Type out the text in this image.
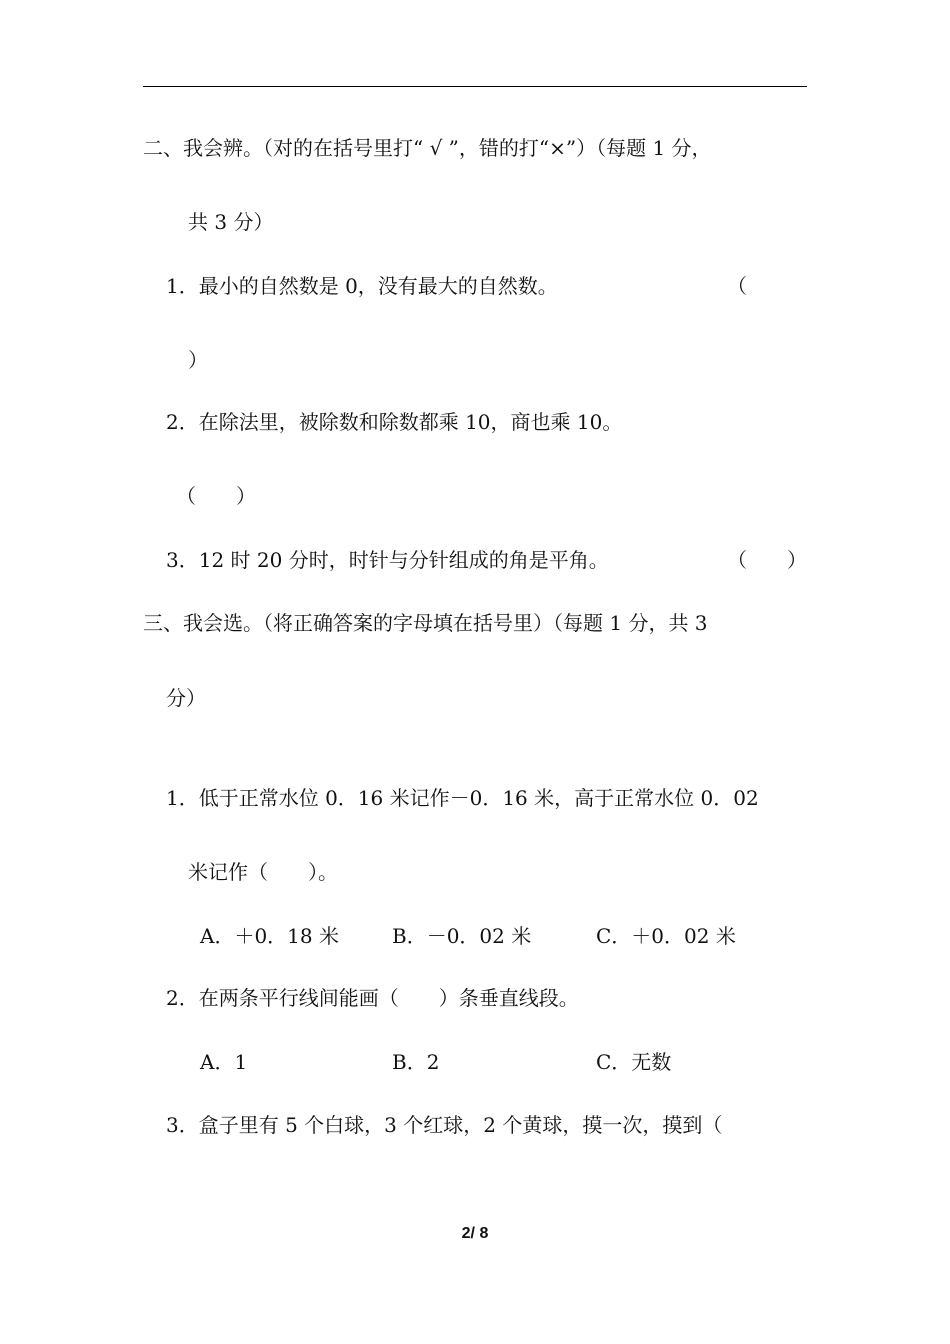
二、我会辨。（对的在括号里打“ √ ”，错的打“×”）（每题 1 分，
共 3 分）
1．最小的自然数是 0，没有最大的自然数。	（
）
2．在除法里，被除数和除数都乘 10，商也乘 10。
（　　）
3．12 时 20 分时，时针与分针组成的角是平角。	（　　）
三、我会选。（将正确答案的字母填在括号里）（每题 1 分，共 3
分）
1．低于正常水位 0．16 米记作－0．16 米，高于正常水位 0．02
米记作（　　）。
A．＋0．18 米	B．－0．02 米	C．＋0．02 米
2．在两条平行线间能画（　　）条垂直线段。
A．1	B．2	C．无数
3．盒子里有 5 个白球，3 个红球，2 个黄球，摸一次，摸到（
2/ 8
